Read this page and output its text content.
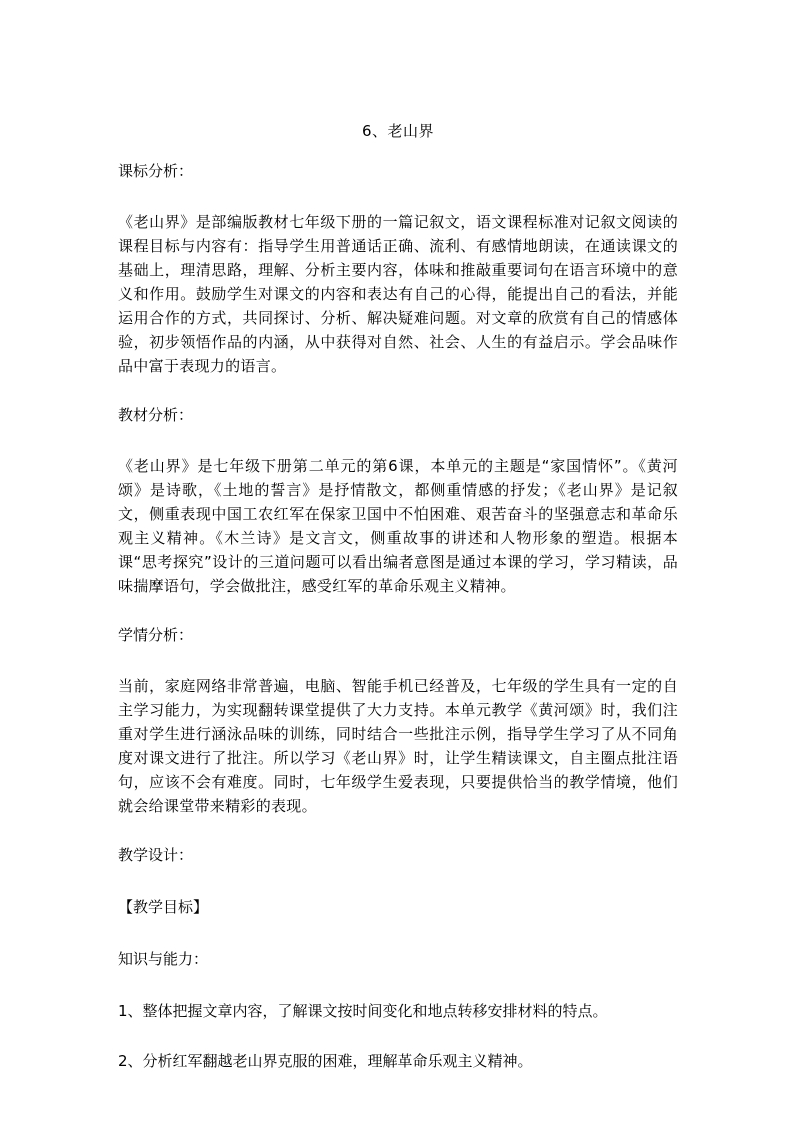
6、老山界
课标分析：
《老山界》是部编版教材七年级下册的一篇记叙文，语文课程标准对记叙文阅读的课程目标与内容有：指导学生用普通话正确、流利、有感情地朗读，在通读课文的基础上，理清思路，理解、分析主要内容，体味和推敲重要词句在语言环境中的意义和作用。鼓励学生对课文的内容和表达有自己的心得，能提出自己的看法，并能运用合作的方式，共同探讨、分析、解决疑难问题。对文章的欣赏有自己的情感体验，初步领悟作品的内涵，从中获得对自然、社会、人生的有益启示。学会品味作品中富于表现力的语言。
教材分析：
《老山界》是七年级下册第二单元的第6课，本单元的主题是“家国情怀”。《黄河颂》是诗歌，《土地的誓言》是抒情散文，都侧重情感的抒发；《老山界》是记叙文，侧重表现中国工农红军在保家卫国中不怕困难、艰苦奋斗的坚强意志和革命乐观主义精神。《木兰诗》是文言文，侧重故事的讲述和人物形象的塑造。根据本课“思考探究”设计的三道问题可以看出编者意图是通过本课的学习，学习精读，品味揣摩语句，学会做批注，感受红军的革命乐观主义精神。
学情分析：
当前，家庭网络非常普遍，电脑、智能手机已经普及，七年级的学生具有一定的自主学习能力，为实现翻转课堂提供了大力支持。本单元教学《黄河颂》时，我们注重对学生进行涵泳品味的训练，同时结合一些批注示例，指导学生学习了从不同角度对课文进行了批注。所以学习《老山界》时，让学生精读课文，自主圈点批注语句，应该不会有难度。同时，七年级学生爱表现，只要提供恰当的教学情境，他们就会给课堂带来精彩的表现。
教学设计：
【教学目标】
知识与能力：
1、整体把握文章内容，了解课文按时间变化和地点转移安排材料的特点。
2、分析红军翻越老山界克服的困难，理解革命乐观主义精神。
